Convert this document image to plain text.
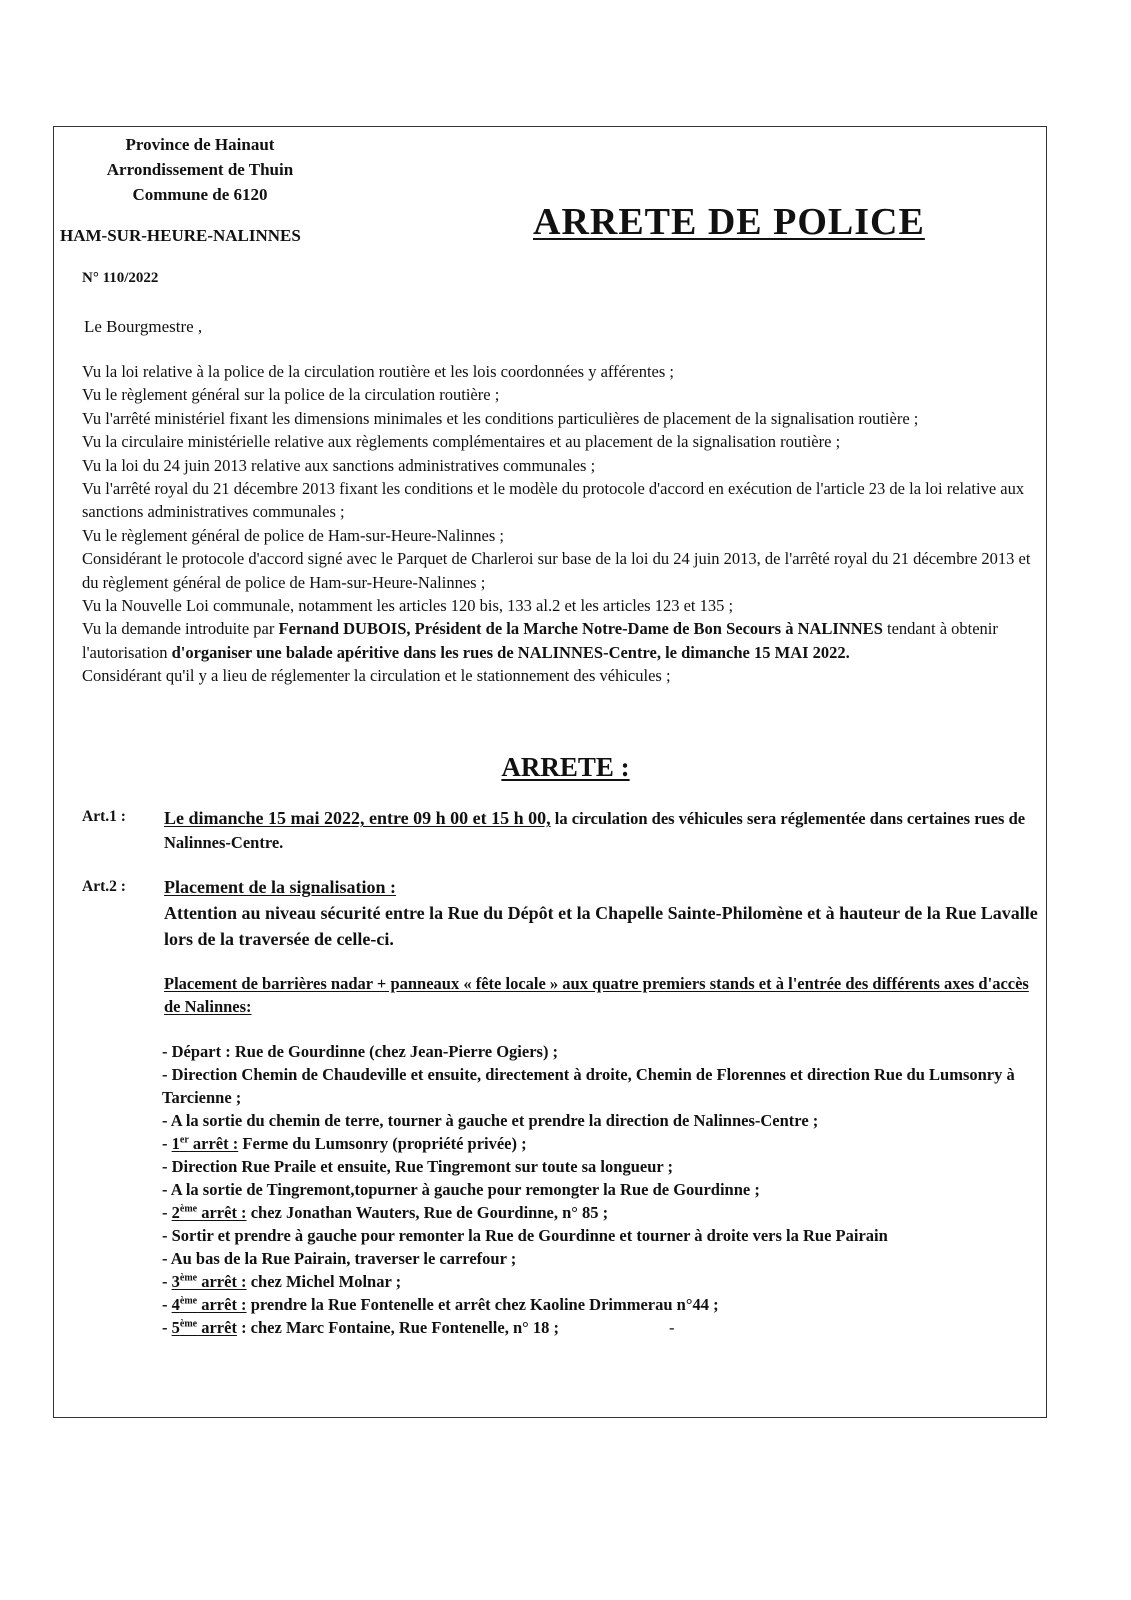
Province de Hainaut
Arrondissement de Thuin
Commune de 6120
HAM-SUR-HEURE-NALINNES	ARRETE DE POLICE
N° 110/2022
Le Bourgmestre ,

Vu la loi relative à la police de la circulation routière et les lois coordonnées y afférentes ;

Vu le règlement général sur la police de la circulation routière ;

Vu l'arrêté ministériel fixant les dimensions minimales et les conditions particulières de placement de la signalisation routière ;

Vu la circulaire ministérielle relative aux règlements complémentaires et au placement de la signalisation routière ;

Vu la loi du 24 juin 2013 relative aux sanctions administratives communales ;

Vu l'arrêté royal du 21 décembre 2013 fixant les conditions et le modèle du protocole d'accord en exécution de l'article 23 de la loi relative aux sanctions administratives communales ;

Vu le règlement général de police de Ham-sur-Heure-Nalinnes ;

Considérant le protocole d'accord signé avec le Parquet de Charleroi sur base de la loi du 24 juin 2013, de l'arrêté royal du 21 décembre 2013 et du règlement général de police de Ham-sur-Heure-Nalinnes ;

Vu la Nouvelle Loi communale, notamment les articles 120 bis, 133 al.2 et les articles 123 et 135 ;

Vu la demande introduite par Fernand DUBOIS, Président de la Marche Notre-Dame de Bon Secours à NALINNES tendant à obtenir l'autorisation d'organiser une balade apéritive dans les rues de NALINNES-Centre, le dimanche 15 MAI 2022.

Considérant qu'il y a lieu de réglementer la circulation et le stationnement des véhicules ;

ARRETE :
Art.1 : Le dimanche 15 mai 2022, entre 09 h 00 et 15 h 00, la circulation des véhicules sera réglementée dans certaines rues de Nalinnes-Centre.

Art.2 : Placement de la signalisation :

Attention au niveau sécurité entre la Rue du Dépôt et la Chapelle Sainte-Philomène et à hauteur de la Rue Lavalle lors de la traversée de celle-ci.

Placement de barrières nadar + panneaux « fête locale » aux quatre premiers stands et à l'entrée des différents axes d'accès de Nalinnes:

- Départ : Rue de Gourdinne (chez Jean-Pierre Ogiers) ;

- Direction Chemin de Chaudeville et ensuite, directement à droite, Chemin de Florennes et direction Rue du Lumsonry à Tarcienne ;

- A la sortie du chemin de terre, tourner à gauche et prendre la direction de Nalinnes-Centre ;

- 1er arrêt : Ferme du Lumsonry (propriété privée) ;

- Direction Rue Praile et ensuite, Rue Tingremont sur toute sa longueur ;

- A la sortie de Tingremont,topurner à gauche pour remongter la Rue de Gourdinne ;

- 2ème arrêt : chez Jonathan Wauters, Rue de Gourdinne, n° 85 ;

- Sortir et prendre à gauche pour remonter la Rue de Gourdinne et tourner à droite vers la Rue Pairain

- Au bas de la Rue Pairain, traverser le carrefour ;

- 3ème arrêt : chez Michel Molnar ;

- 4ème arrêt : prendre la Rue Fontenelle et arrêt chez Kaoline Drimmerau n°44 ;

- 5ème arrêt : chez Marc Fontaine, Rue Fontenelle, n° 18 ;	-
